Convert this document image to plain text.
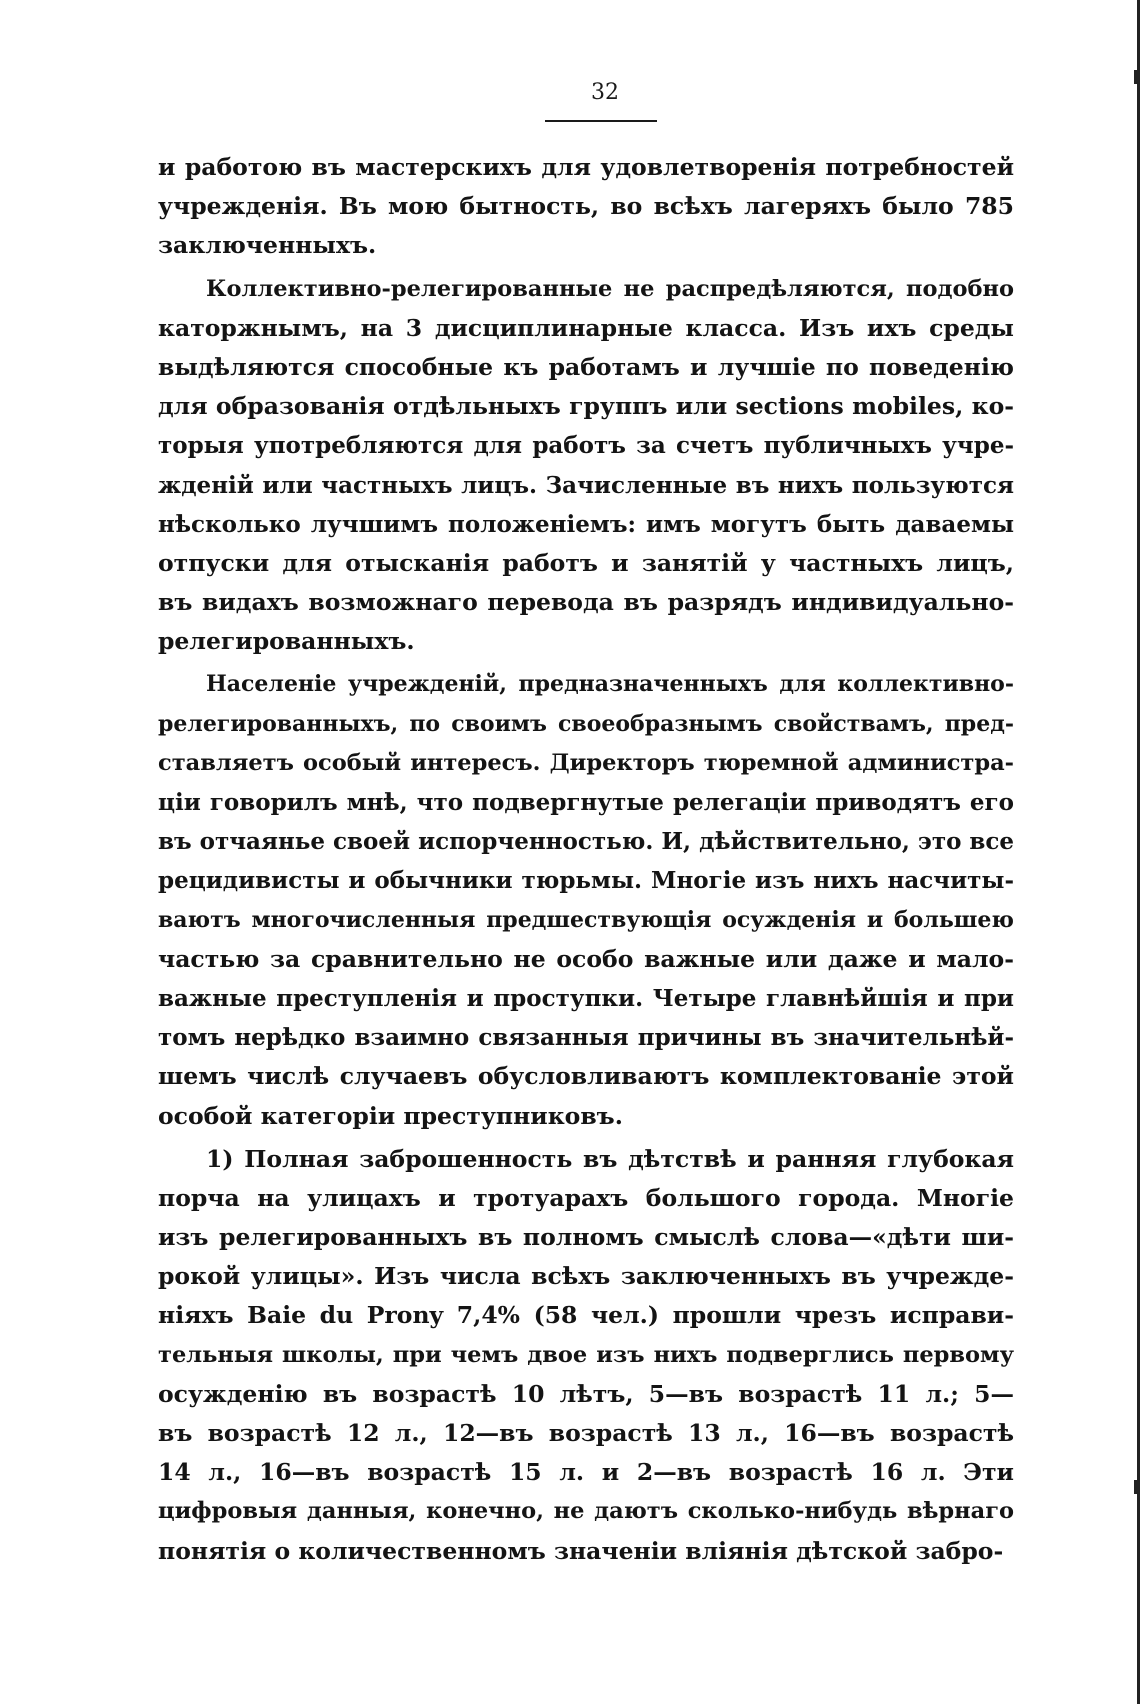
32
и работою въ мастерскихъ для удовлетворенія потребностей
учрежденія. Въ мою бытность, во всѣхъ лагеряхъ было 785
заключенныхъ.
Коллективно-релегированные не распредѣляются, подобно
каторжнымъ, на 3 дисциплинарные класса. Изъ ихъ среды
выдѣляются способные къ работамъ и лучшіе по поведенію
для образованія отдѣльныхъ группъ или sections mobiles, ко-
торыя употребляются для работъ за счетъ публичныхъ учре-
жденій или частныхъ лицъ. Зачисленные въ нихъ пользуются
нѣсколько лучшимъ положеніемъ: имъ могутъ быть даваемы
отпуски для отысканія работъ и занятій у частныхъ лицъ,
въ видахъ возможнаго перевода въ разрядъ индивидуально-
релегированныхъ.
Населеніе учрежденій, предназначенныхъ для коллективно-
релегированныхъ, по своимъ своеобразнымъ свойствамъ, пред-
ставляетъ особый интересъ. Директоръ тюремной администра-
ціи говорилъ мнѣ, что подвергнутые релегаціи приводятъ его
въ отчаянье своей испорченностью. И, дѣйствительно, это все
рецидивисты и обычники тюрьмы. Многіе изъ нихъ насчиты-
ваютъ многочисленныя предшествующія осужденія и большею
частью за сравнительно не особо важные или даже и мало-
важные преступленія и проступки. Четыре главнѣйшія и при
томъ нерѣдко взаимно связанныя причины въ значительнѣй-
шемъ числѣ случаевъ обусловливаютъ комплектованіе этой
особой категоріи преступниковъ.
1) Полная заброшенность въ дѣтствѣ и ранняя глубокая
порча на улицахъ и тротуарахъ большого города. Многіе
изъ релегированныхъ въ полномъ смыслѣ слова—«дѣти ши-
рокой улицы». Изъ числа всѣхъ заключенныхъ въ учрежде-
ніяхъ Baie du Prony 7,4% (58 чел.) прошли чрезъ исправи-
тельныя школы, при чемъ двое изъ нихъ подверглись первому
осужденію въ возрастѣ 10 лѣтъ, 5—въ возрастѣ 11 л.; 5—
въ возрастѣ 12 л., 12—въ возрастѣ 13 л., 16—въ возрастѣ
14 л., 16—въ возрастѣ 15 л. и 2—въ возрастѣ 16 л. Эти
цифровыя данныя, конечно, не даютъ сколько-нибудь вѣрнаго
понятія о количественномъ значеніи вліянія дѣтской забро-
